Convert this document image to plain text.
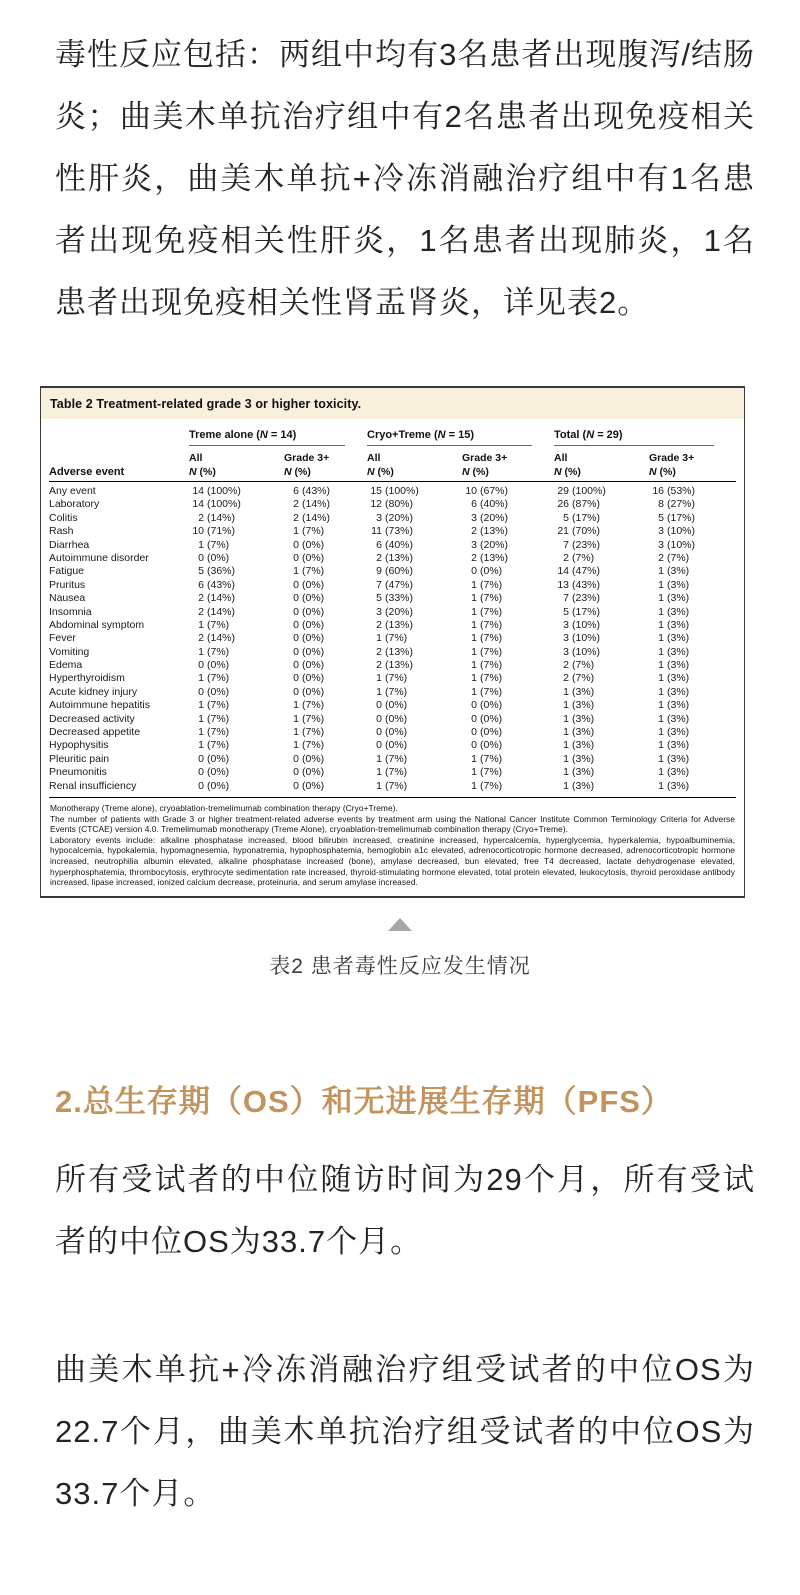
毒性反应包括：两组中均有3名患者出现腹泻/结肠炎；曲美木单抗治疗组中有2名患者出现免疫相关性肝炎，曲美木单抗+冷冻消融治疗组中有1名患者出现免疫相关性肝炎，1名患者出现肺炎，1名患者出现免疫相关性肾盂肾炎，详见表2。

Table 2 Treatment-related grade 3 or higher toxicity.
Treme alone (N = 14)	Cryo+Treme (N = 15)	Total (N = 29)
All	Grade 3+	All	Grade 3+	All	Grade 3+
Adverse event	N (%)	N (%)	N (%)	N (%)	N (%)	N (%)
Any event	14 (100%)	6 (43%)	15 (100%)	10 (67%)	29 (100%)	16 (53%)
Laboratory	14 (100%)	2 (14%)	12 (80%)	6 (40%)	26 (87%)	8 (27%)
Colitis	2 (14%)	2 (14%)	3 (20%)	3 (20%)	5 (17%)	5 (17%)
Rash	10 (71%)	1 (7%)	11 (73%)	2 (13%)	21 (70%)	3 (10%)
Diarrhea	1 (7%)	0 (0%)	6 (40%)	3 (20%)	7 (23%)	3 (10%)
Autoimmune disorder	0 (0%)	0 (0%)	2 (13%)	2 (13%)	2 (7%)	2 (7%)
Fatigue	5 (36%)	1 (7%)	9 (60%)	0 (0%)	14 (47%)	1 (3%)
Pruritus	6 (43%)	0 (0%)	7 (47%)	1 (7%)	13 (43%)	1 (3%)
Nausea	2 (14%)	0 (0%)	5 (33%)	1 (7%)	7 (23%)	1 (3%)
Insomnia	2 (14%)	0 (0%)	3 (20%)	1 (7%)	5 (17%)	1 (3%)
Abdominal symptom	1 (7%)	0 (0%)	2 (13%)	1 (7%)	3 (10%)	1 (3%)
Fever	2 (14%)	0 (0%)	1 (7%)	1 (7%)	3 (10%)	1 (3%)
Vomiting	1 (7%)	0 (0%)	2 (13%)	1 (7%)	3 (10%)	1 (3%)
Edema	0 (0%)	0 (0%)	2 (13%)	1 (7%)	2 (7%)	1 (3%)
Hyperthyroidism	1 (7%)	0 (0%)	1 (7%)	1 (7%)	2 (7%)	1 (3%)
Acute kidney injury	0 (0%)	0 (0%)	1 (7%)	1 (7%)	1 (3%)	1 (3%)
Autoimmune hepatitis	1 (7%)	1 (7%)	0 (0%)	0 (0%)	1 (3%)	1 (3%)
Decreased activity	1 (7%)	1 (7%)	0 (0%)	0 (0%)	1 (3%)	1 (3%)
Decreased appetite	1 (7%)	1 (7%)	0 (0%)	0 (0%)	1 (3%)	1 (3%)
Hypophysitis	1 (7%)	1 (7%)	0 (0%)	0 (0%)	1 (3%)	1 (3%)
Pleuritic pain	0 (0%)	0 (0%)	1 (7%)	1 (7%)	1 (3%)	1 (3%)
Pneumonitis	0 (0%)	0 (0%)	1 (7%)	1 (7%)	1 (3%)	1 (3%)
Renal insufficiency	0 (0%)	0 (0%)	1 (7%)	1 (7%)	1 (3%)	1 (3%)

Monotherapy (Treme alone), cryoablation-tremelimumab combination therapy (Cryo+Treme).

The number of patients with Grade 3 or higher treatment-related adverse events by treatment arm using the National Cancer Institute Common Terminology Criteria for Adverse Events (CTCAE) version 4.0. Tremelimumab monotherapy (Treme Alone), cryoablation-tremelimumab combination therapy (Cryo+Treme).

Laboratory events include: alkaline phosphatase increased, blood bilirubin increased, creatinine increased, hypercalcemia, hyperglycemia, hyperkalemia, hypoalbuminemia, hypocalcemia, hypokalemia, hypomagnesemia, hyponatremia, hypophosphatemia, hemoglobin a1c elevated, adrenocorticotropic hormone decreased, adrenocorticotropic hormone increased, neutrophilia albumin elevated, alkaline phosphatase increased (bone), amylase decreased, bun elevated, free T4 decreased, lactate dehydrogenase elevated, hyperphosphatemia, thrombocytosis, erythrocyte sedimentation rate increased, thyroid-stimulating hormone elevated, total protein elevated, leukocytosis, thyroid peroxidase antibody increased, lipase increased, ionized calcium decrease, proteinuria, and serum amylase increased.

表2 患者毒性反应发生情况
2.总生存期（OS）和无进展生存期（PFS）

所有受试者的中位随访时间为29个月，所有受试者的中位OS为33.7个月。

曲美木单抗+冷冻消融治疗组受试者的中位OS为22.7个月，曲美木单抗治疗组受试者的中位OS为33.7个月。
